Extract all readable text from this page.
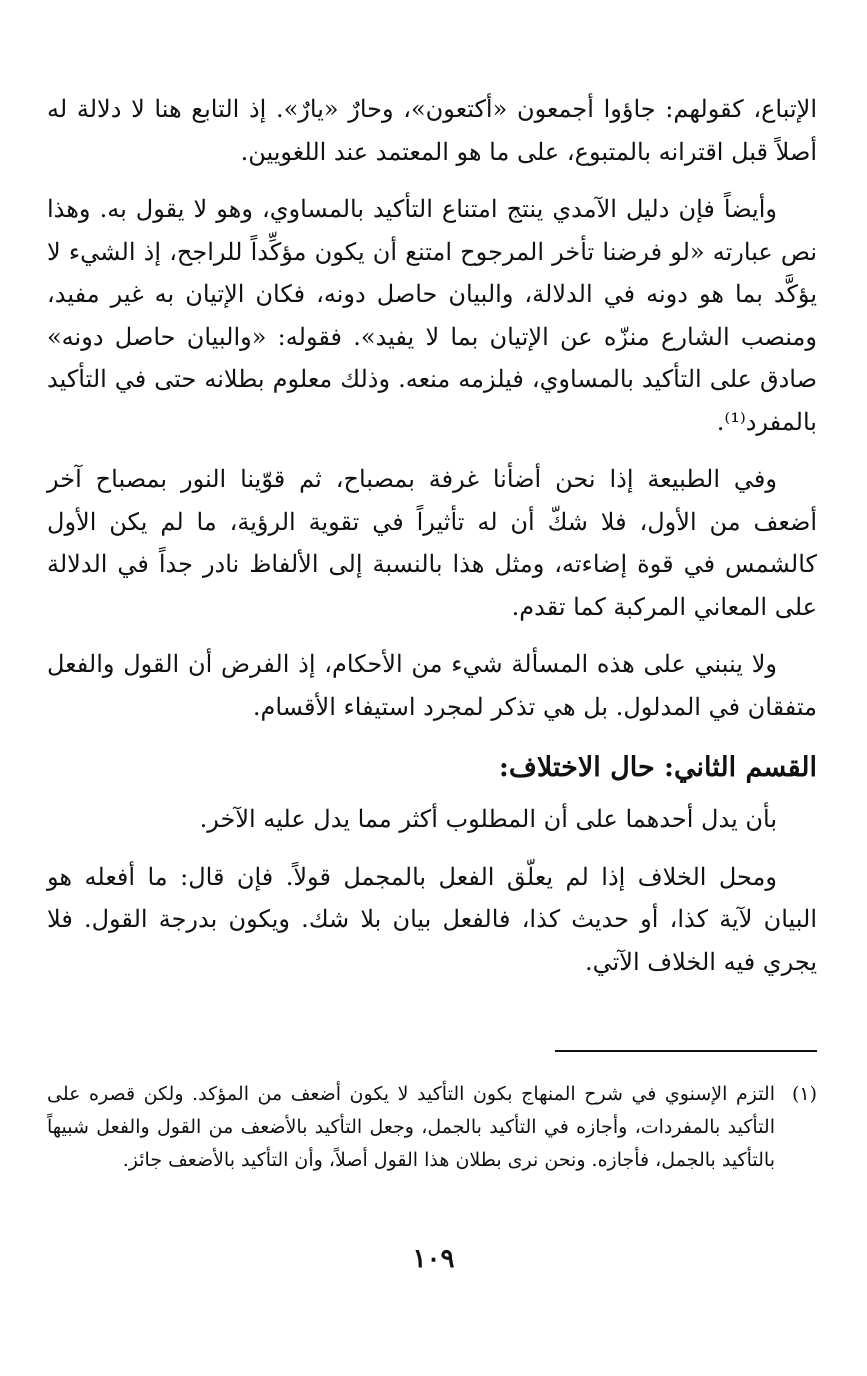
الإتباع، كقولهم: جاؤوا أجمعون «أكتعون»، وحارٌ «يارٌ». إذ التابع هنا لا دلالة له أصلاً قبل اقترانه بالمتبوع، على ما هو المعتمد عند اللغويين.

وأيضاً فإن دليل الآمدي ينتج امتناع التأكيد بالمساوي، وهو لا يقول به. وهذا نص عبارته «لو فرضنا تأخر المرجوح امتنع أن يكون مؤكِّداً للراجح، إذ الشيء لا يؤكَّد بما هو دونه في الدلالة، والبيان حاصل دونه، فكان الإتيان به غير مفيد، ومنصب الشارع منزّه عن الإتيان بما لا يفيد». فقوله: «والبيان حاصل دونه» صادق على التأكيد بالمساوي، فيلزمه منعه. وذلك معلوم بطلانه حتى في التأكيد بالمفرد⁽¹⁾.

وفي الطبيعة إذا نحن أضأنا غرفة بمصباح، ثم قوّينا النور بمصباح آخر أضعف من الأول، فلا شكّ أن له تأثيراً في تقوية الرؤية، ما لم يكن الأول كالشمس في قوة إضاءته، ومثل هذا بالنسبة إلى الألفاظ نادر جداً في الدلالة على المعاني المركبة كما تقدم.

ولا ينبني على هذه المسألة شيء من الأحكام، إذ الفرض أن القول والفعل متفقان في المدلول. بل هي تذكر لمجرد استيفاء الأقسام.

القسم الثاني: حال الاختلاف:

بأن يدل أحدهما على أن المطلوب أكثر مما يدل عليه الآخر.

ومحل الخلاف إذا لم يعلّق الفعل بالمجمل قولاً. فإن قال: ما أفعله هو البيان لآية كذا، أو حديث كذا، فالفعل بيان بلا شك. ويكون بدرجة القول. فلا يجري فيه الخلاف الآتي.

(١)
التزم الإسنوي في شرح المنهاج بكون التأكيد لا يكون أضعف من المؤكد. ولكن قصره على التأكيد بالمفردات، وأجازه في التأكيد بالجمل، وجعل التأكيد بالأضعف من القول والفعل شبيهاً بالتأكيد بالجمل، فأجازه. ونحن نرى بطلان هذا القول أصلاً، وأن التأكيد بالأضعف جائز.
١٠٩
